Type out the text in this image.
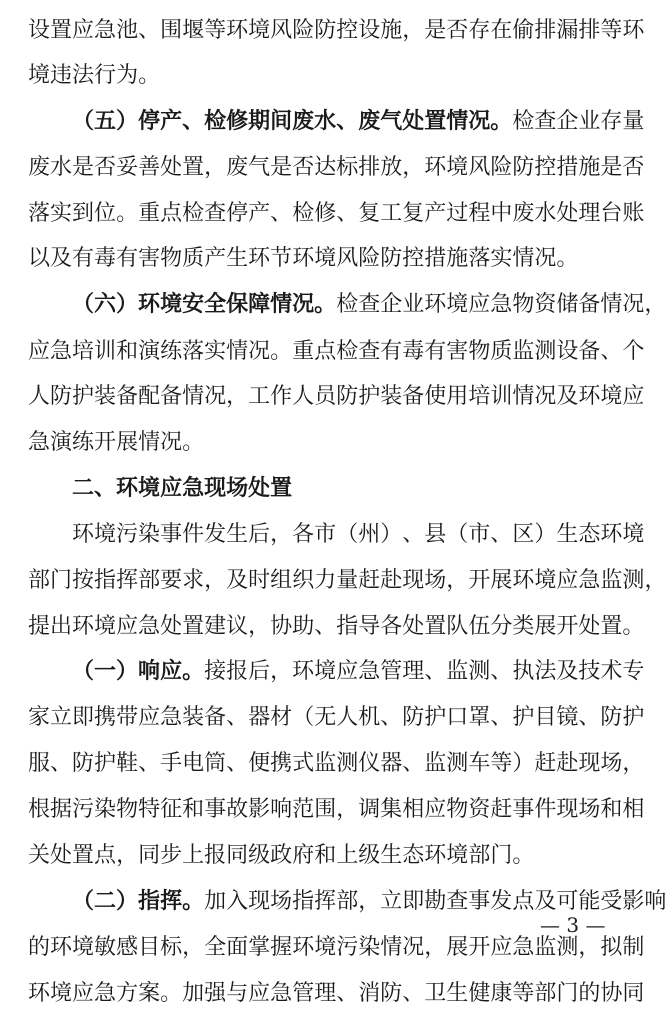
设 置 应 急 池 、 围 堰 等 环 境 风 险 防 控 设 施 ， 是 否 存 在 偷 排 漏 排 等 环
境 违 法 行 为 。
（ 五 ） 停 产 、 检 修 期 间 废 水 、 废 气 处 置 情 况 。 检 查 企 业 存 量
废 水 是 否 妥 善 处 置 ， 废 气 是 否 达 标 排 放 ， 环 境 风 险 防 控 措 施 是 否
落 实 到 位 。 重 点 检 查 停 产 、 检 修 、 复 工 复 产 过 程 中 废 水 处 理 台 账
以 及 有 毒 有 害 物 质 产 生 环 节 环 境 风 险 防 控 措 施 落 实 情 况 。
（ 六 ） 环 境 安 全 保 障 情 况 。 检 查 企 业 环 境 应 急 物 资 储 备 情 况 ，
应 急 培 训 和 演 练 落 实 情 况 。 重 点 检 查 有 毒 有 害 物 质 监 测 设 备 、 个
人 防 护 装 备 配 备 情 况 ， 工 作 人 员 防 护 装 备 使 用 培 训 情 况 及 环 境 应
急 演 练 开 展 情 况 。
二 、 环 境 应 急 现 场 处 置
环 境 污 染 事 件 发 生 后 ， 各 市 （ 州 ） 、 县 （ 市 、 区 ） 生 态 环 境
部 门 按 指 挥 部 要 求 ， 及 时 组 织 力 量 赶 赴 现 场 ， 开 展 环 境 应 急 监 测 ，
提 出 环 境 应 急 处 置 建 议 ， 协 助 、 指 导 各 处 置 队 伍 分 类 展 开 处 置 。
（ 一 ） 响 应 。 接 报 后 ， 环 境 应 急 管 理 、 监 测 、 执 法 及 技 术 专
家 立 即 携 带 应 急 装 备 、 器 材 （ 无 人 机 、 防 护 口 罩 、 护 目 镜 、 防 护
服 、 防 护 鞋 、 手 电 筒 、 便 携 式 监 测 仪 器 、 监 测 车 等 ） 赶 赴 现 场 ，
根 据 污 染 物 特 征 和 事 故 影 响 范 围 ， 调 集 相 应 物 资 赶 事 件 现 场 和 相
关 处 置 点 ， 同 步 上 报 同 级 政 府 和 上 级 生 态 环 境 部 门 。
（ 二 ） 指 挥 。 加 入 现 场 指 挥 部 ， 立 即 勘 查 事 发 点 及 可 能 受 影 响
的 环 境 敏 感 目 标 ， 全 面 掌 握 环 境 污 染 情 况 ， 展 开 应 急 监 测 ， 拟 制
环 境 应 急 方 案 。 加 强 与 应 急 管 理 、 消 防 、 卫 生 健 康 等 部 门 的 协 同
— 3 —
